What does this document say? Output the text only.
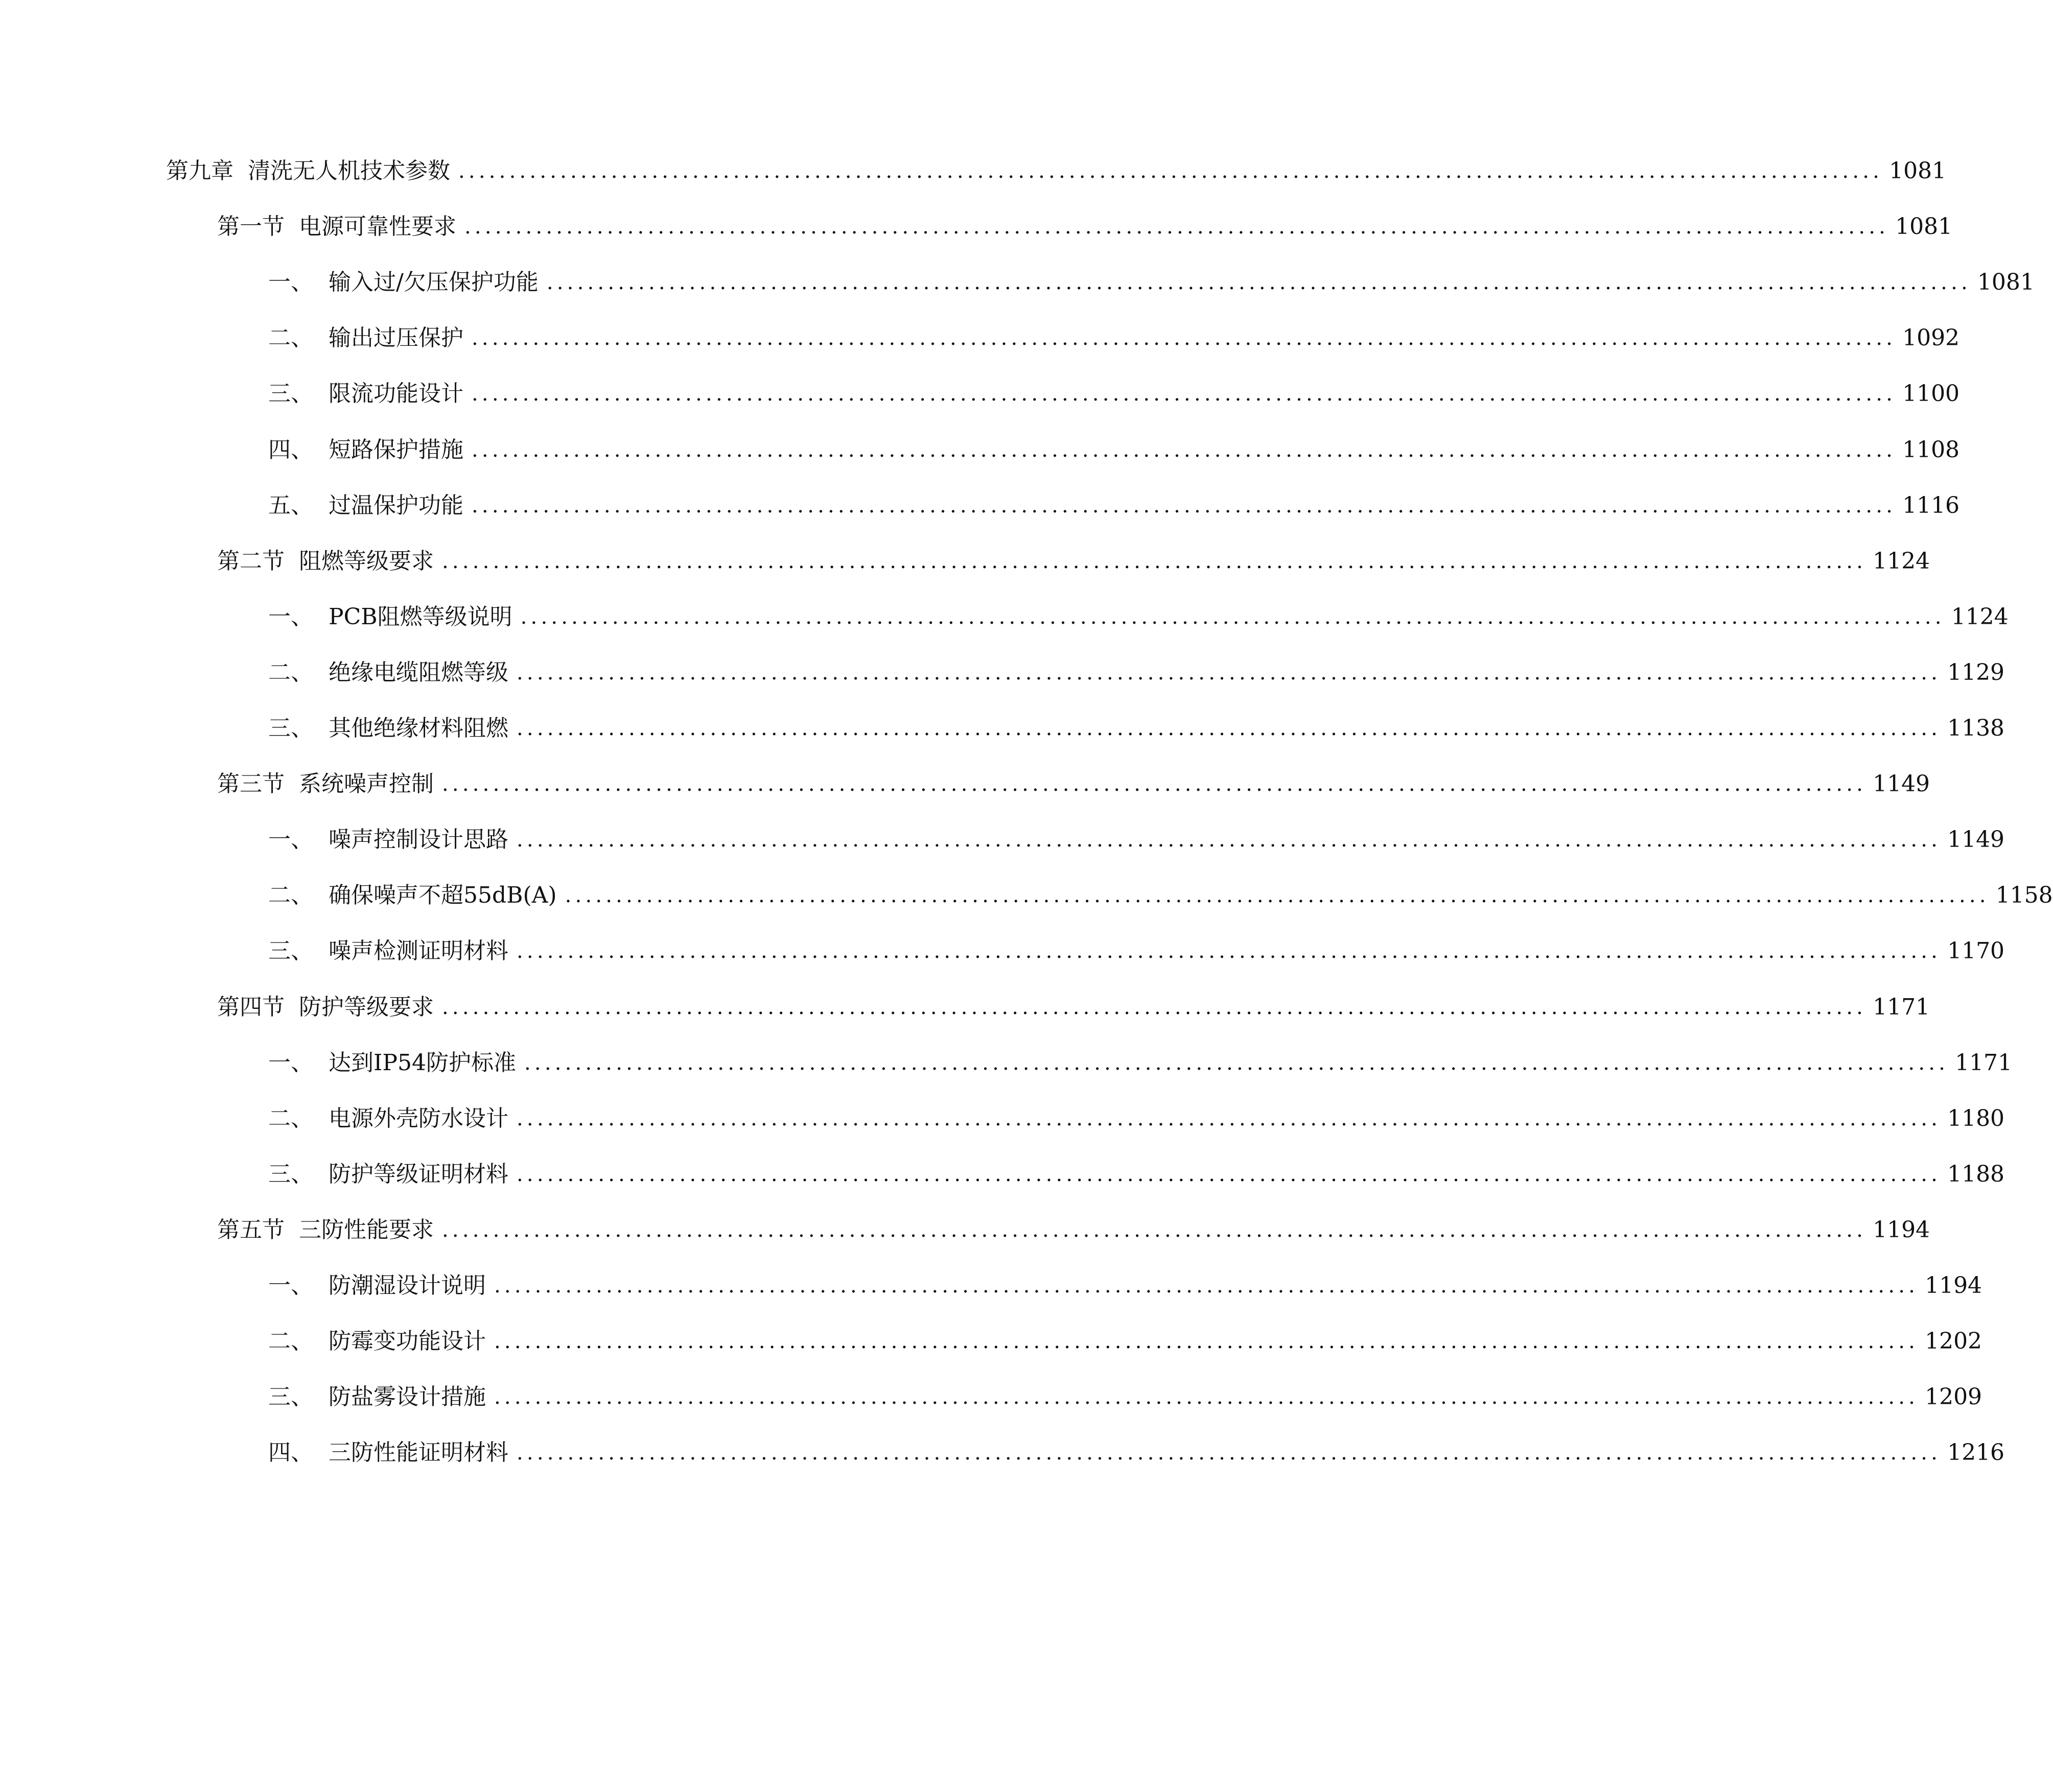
第九章 清洗无人机技术参数 ............................................................................................................................................ 1081
第一节 电源可靠性要求 ............................................................................................................................................ 1081
一、 输入过/欠压保护功能 ............................................................................................................................................ 1081
二、 输出过压保护 ............................................................................................................................................ 1092
三、 限流功能设计 ............................................................................................................................................ 1100
四、 短路保护措施 ............................................................................................................................................ 1108
五、 过温保护功能 ............................................................................................................................................ 1116
第二节 阻燃等级要求 ............................................................................................................................................ 1124
一、 PCB阻燃等级说明 ............................................................................................................................................ 1124
二、 绝缘电缆阻燃等级 ............................................................................................................................................ 1129
三、 其他绝缘材料阻燃 ............................................................................................................................................ 1138
第三节 系统噪声控制 ............................................................................................................................................ 1149
一、 噪声控制设计思路 ............................................................................................................................................ 1149
二、 确保噪声不超55dB(A) ............................................................................................................................................ 1158
三、 噪声检测证明材料 ............................................................................................................................................ 1170
第四节 防护等级要求 ............................................................................................................................................ 1171
一、 达到IP54防护标准 ............................................................................................................................................ 1171
二、 电源外壳防水设计 ............................................................................................................................................ 1180
三、 防护等级证明材料 ............................................................................................................................................ 1188
第五节 三防性能要求 ............................................................................................................................................ 1194
一、 防潮湿设计说明 ............................................................................................................................................ 1194
二、 防霉变功能设计 ............................................................................................................................................ 1202
三、 防盐雾设计措施 ............................................................................................................................................ 1209
四、 三防性能证明材料 ............................................................................................................................................ 1216
